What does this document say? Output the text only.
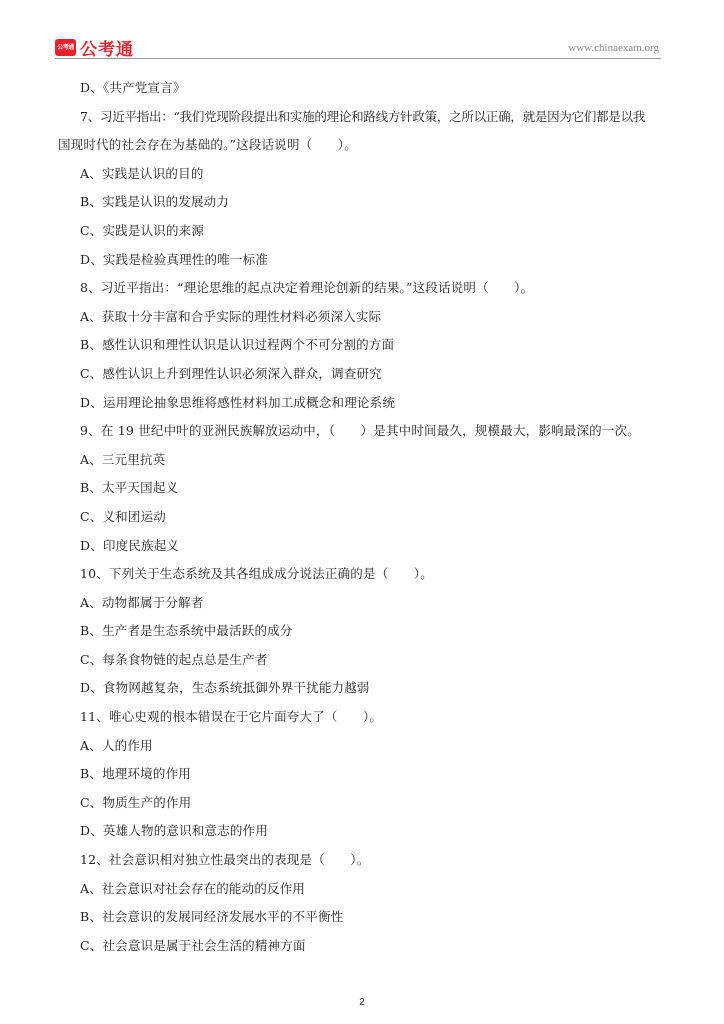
公考通 公考通	www.chinaexam.org
D、《共产党宣言》
7、习近平指出：“我们党现阶段提出和实施的理论和路线方针政策，之所以正确，就是因为它们都是以我
国现时代的社会存在为基础的。”这段话说明（　　）。
A、实践是认识的目的
B、实践是认识的发展动力
C、实践是认识的来源
D、实践是检验真理性的唯一标准
8、习近平指出：“理论思维的起点决定着理论创新的结果。”这段话说明（　　）。
A、获取十分丰富和合乎实际的理性材料必须深入实际
B、感性认识和理性认识是认识过程两个不可分割的方面
C、感性认识上升到理性认识必须深入群众，调查研究
D、运用理论抽象思维将感性材料加工成概念和理论系统
9、在 19 世纪中叶的亚洲民族解放运动中，（　　）是其中时间最久，规模最大，影响最深的一次。
A、三元里抗英
B、太平天国起义
C、义和团运动
D、印度民族起义
10、下列关于生态系统及其各组成成分说法正确的是（　　）。
A、动物都属于分解者
B、生产者是生态系统中最活跃的成分
C、每条食物链的起点总是生产者
D、食物网越复杂，生态系统抵御外界干扰能力越弱
11、唯心史观的根本错误在于它片面夸大了（　　）。
A、人的作用
B、地理环境的作用
C、物质生产的作用
D、英雄人物的意识和意志的作用
12、社会意识相对独立性最突出的表现是（　　）。
A、社会意识对社会存在的能动的反作用
B、社会意识的发展同经济发展水平的不平衡性
C、社会意识是属于社会生活的精神方面
2
